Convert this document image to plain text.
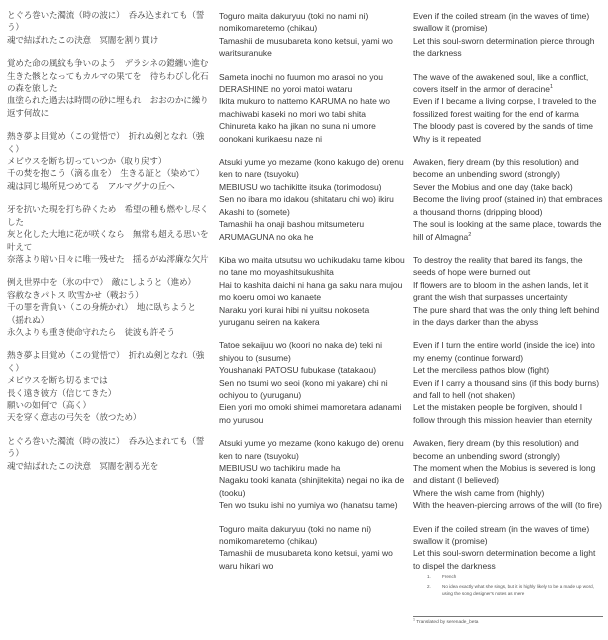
とぐろ巻いた濁流（時の波に）　呑み込まれても（誓う）
魂で結ばれたこの決意　冥闇を割り貫け
覚めた命の風紋も争いのよう　デラシネの鎧纏い進む
生きた骸となってもカルマの果てを　待ちわびし化石の森を旅した
血塗られた過去は時間の砂に埋もれ　おおのかに繰り返す何故に
熱き夢よ目覚め（この覚悟で）　折れぬ剣となれ（強く）
メビウスを断ち切っていつか（取り戻す）
千の焚を抱こう（滴る血を）　生きる証と（染めて）
魂は同じ場所見つめてる　アルマグナの丘へ
牙を抗いた現を打ち砕くため　希望の種も燃やし尽くした
灰と化した大地に花が咲くなら　無常も超える思いを叶えて
奈落より暗い日々に唯一残せた　揺るがぬ澪廉な欠片
例え世界中を（氷の中で）　敵にしようと（進め）
容赦なきパトス 吹雪かせ（戦おう）
千の罪を背負い（この身焼かれ）　地に臥ちようと（揺れぬ）
永久よりも重き使命守れたら　徒波も許そう
熱き夢よ目覚め（この覚悟で）　折れぬ剣となれ（強く）
メビウスを断ち切るまでは
長く遠き彼方（信じてきた）
願いの如何で（高く）
天を穿く意志の弓矢を（放つため）
とぐろ巻いた濁流（時の波に）　呑み込まれても（誓う）
魂で結ばれたこの決意　冥闇を割る光を
Toguro maita dakuryuu (toki no nami ni) nomikomaretemo (chikau)
Tamashii de musubareta kono ketsui, yami wo waritsuranuke
Sameta inochi no fuumon mo arasoi no you DERASHINE no yoroi matoi wataru
Ikita mukuro to nattemo KARUMA no hate wo machiwabi kaseki no mori wo tabi shita
Chinureta kako ha jikan no suna ni umore oonokani kurikaesu naze ni
Atsuki yume yo mezame (kono kakugo de) orenu ken to nare (tsuyoku)
MEBIUSU wo tachikitte itsuka (torimodosu)
Sen no ibara mo idakou (shitataru chi wo) ikiru Akashi to (somete)
Tamashii ha onaji bashou mitsumeteru ARUMAGUNA no oka he
Kiba wo maita utsutsu wo uchikudaku tame kibou no tane mo moyashitsukushita
Hai to kashita daichi ni hana ga saku nara mujou mo koeru omoi wo kanaete
Naraku yori kurai hibi ni yuitsu nokoseta yuruganu seiren na kakera
Tatoe sekaijuu wo (koori no naka de) teki ni shiyou to (susume)
Youshanaki PATOSU fubukase (tatakaou)
Sen no tsumi wo seoi (kono mi yakare) chi ni ochiyou to (yuruganu)
Eien yori mo omoki shimei mamoretara adanami mo yurusou
Atsuki yume yo mezame (kono kakugo de) orenu ken to nare (tsuyoku)
MEBIUSU wo tachikiru made ha
Nagaku tooki kanata (shinjitekita) negai no ika de (tooku)
Ten wo tsuku ishi no yumiya wo (hanatsu tame)
Toguro maita dakuryuu (toki no name ni) nomikomaretemo (chikau)
Tamashii de musubareta kono ketsui, yami wo waru hikari wo
Even if the coiled stream (in the waves of time) swallow it (promise)
Let this soul-sworn determination pierce through the darkness
The wave of the awakened soul, like a conflict, covers itself in the armor of deracine$^1$
Even if I became a living corpse, I traveled to the fossilized forest waiting for the end of karma
The bloody past is covered by the sands of time
Why is it repeated
Awaken, fiery dream (by this resolution) and become an unbending sword (strongly)
Sever the Mobius and one day (take back)
Become the living proof (stained in) that embraces a thousand thorns (dripping blood)
The soul is looking at the same place, towards the hill of Almagna$^2$
To destroy the reality that bared its fangs, the seeds of hope were burned out
If flowers are to bloom in the ashen lands, let it grant the wish that surpasses uncertainty
The pure shard that was the only thing left behind in the days darker than the abyss
Even if I turn the entire world (inside the ice) into my enemy (continue forward)
Let the merciless pathos blow (fight)
Even if I carry a thousand sins (if this body burns) and fall to hell (not shaken)
Let the mistaken people be forgiven, should I follow through this mission heavier than eternity
Awaken, fiery dream (by this resolution) and become an unbending sword (strongly)
The moment when the Mobius is severed is long and distant (I believed)
Where the wish came from (highly)
With the heaven-piercing arrows of the will (to fire)
Even if the coiled stream (in the waves of time) swallow it (promise)
Let this soul-sworn determination become a light to dispel the darkness
1. French
2. No idea exactly what she sings, but it is highly likely to be a made up word, using the song designer's notes as mere
$^1$ Translated by serenade_beta
